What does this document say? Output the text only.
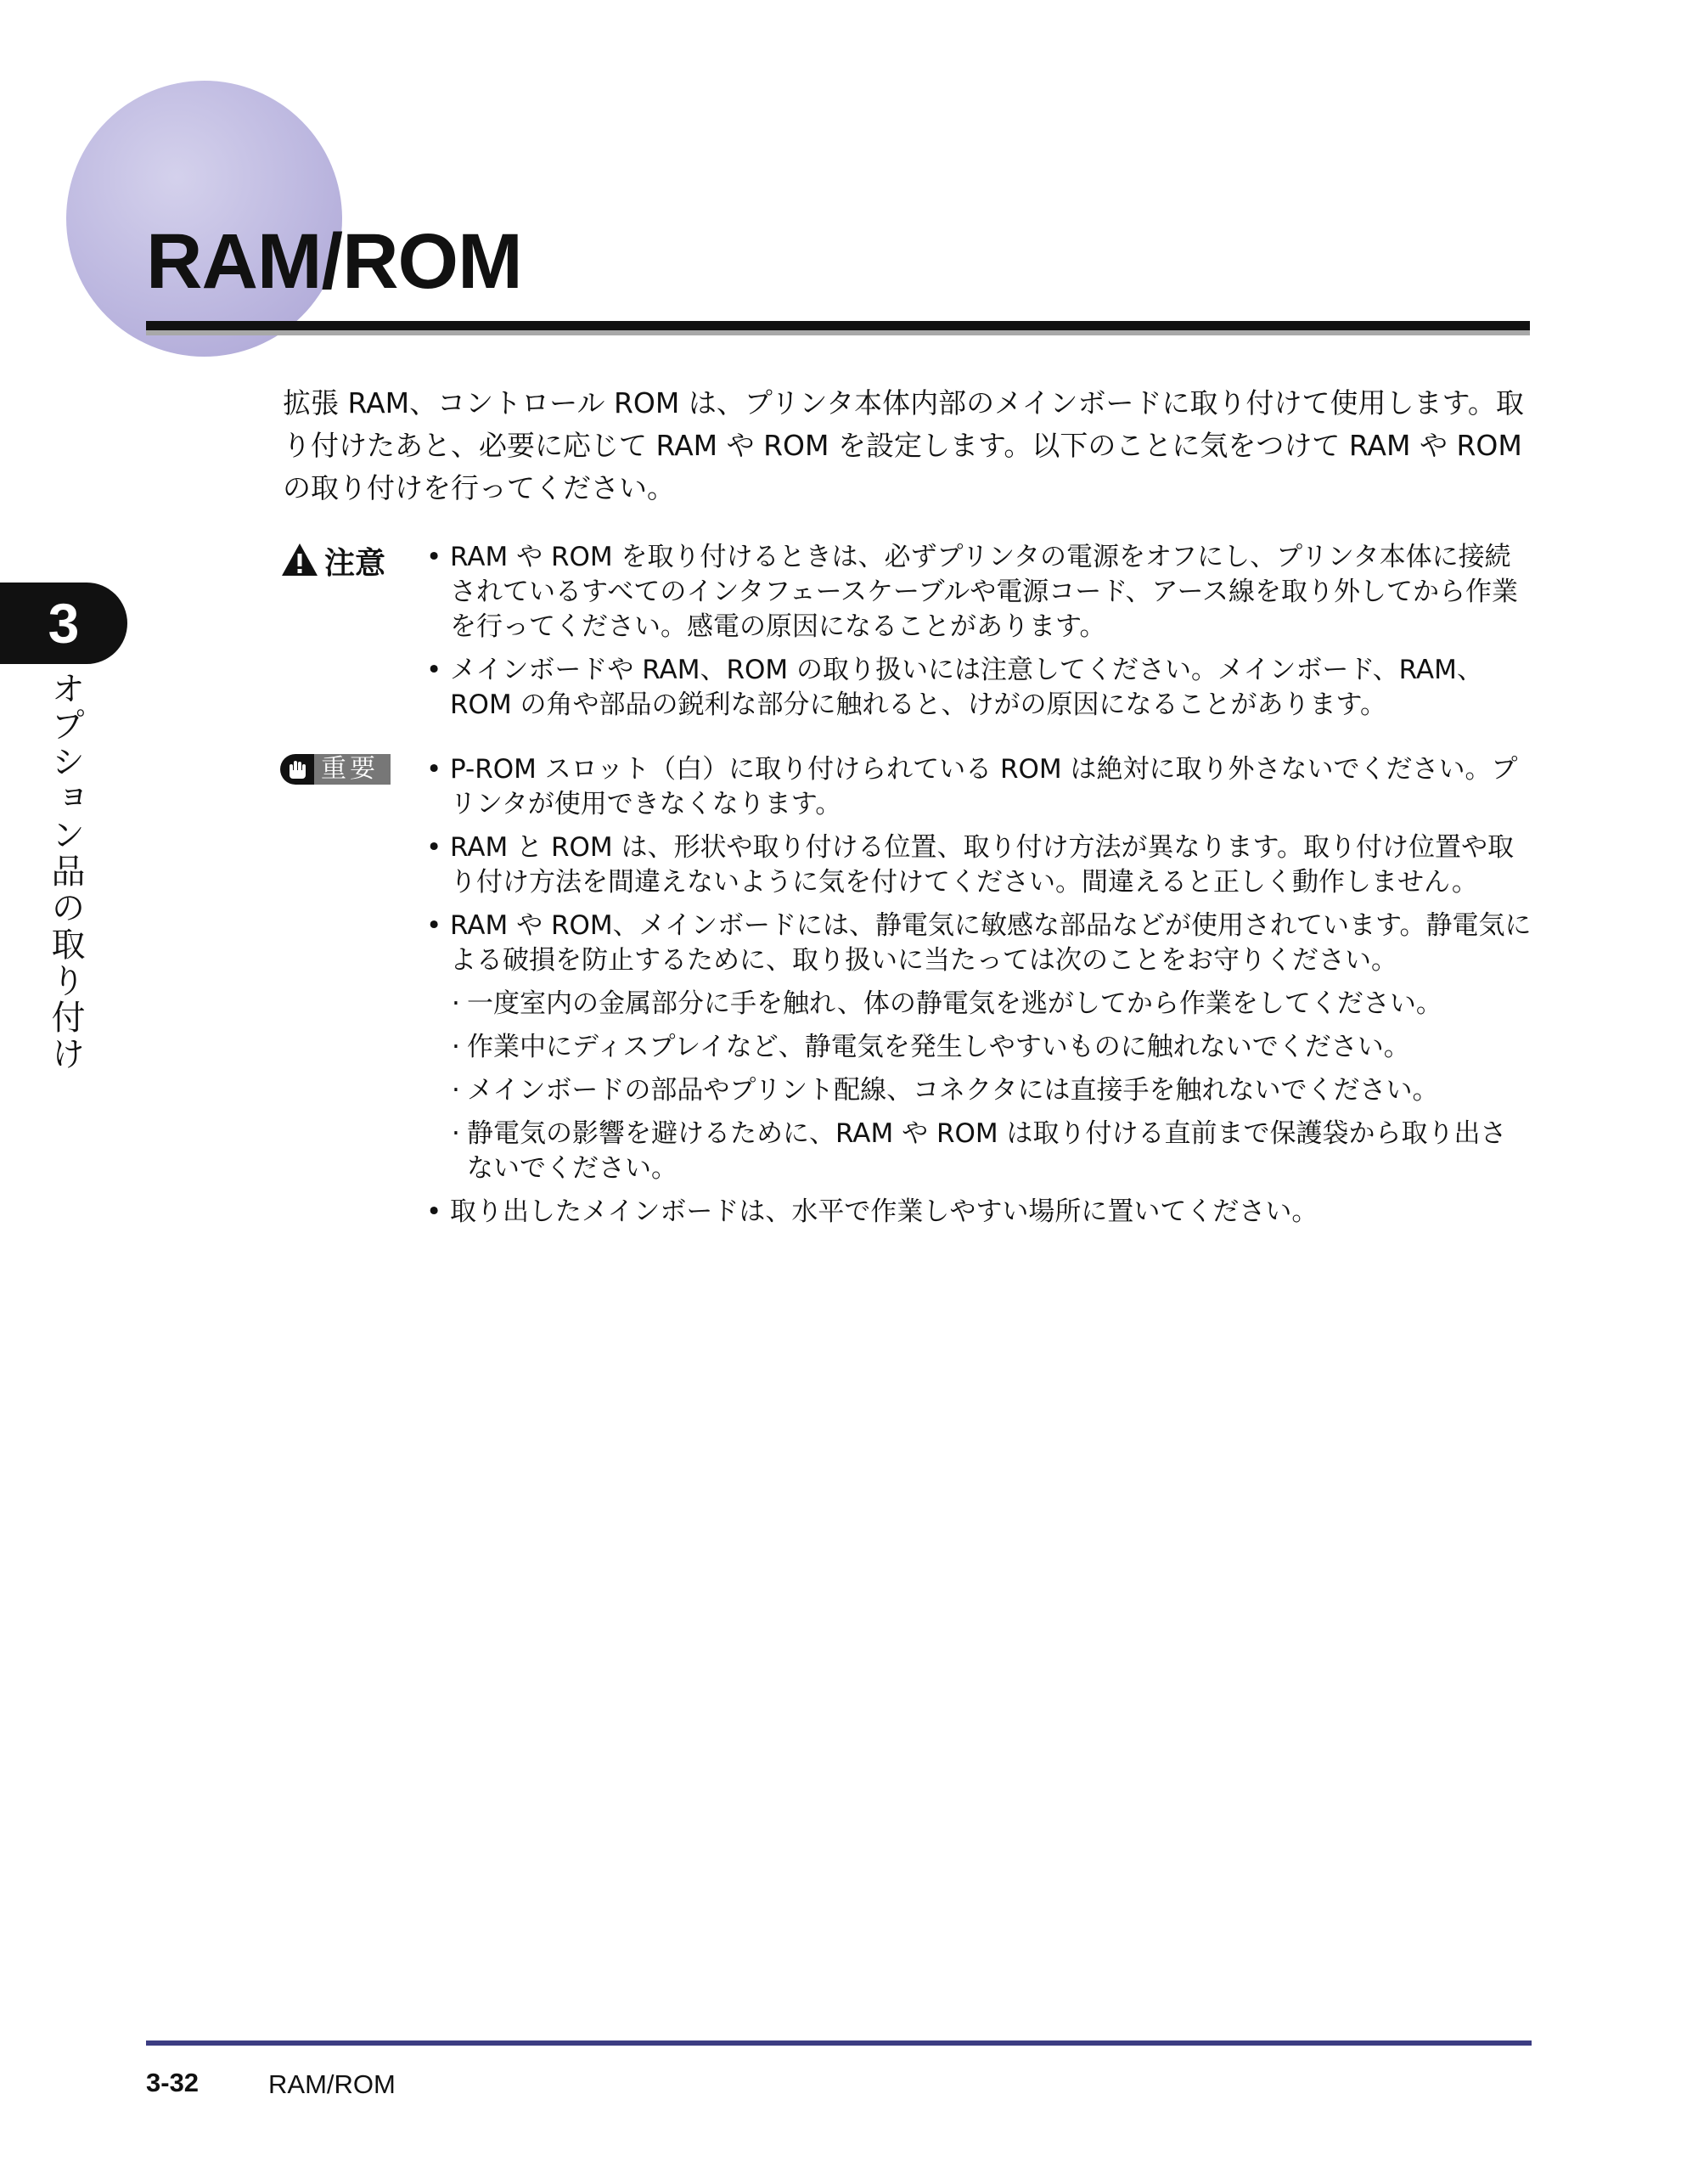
RAM/ROM
3
オプション品の取り付け

拡張 RAM、コントロール ROM は、プリンタ本体内部のメインボードに取り付けて使用します。取り付けたあと、必要に応じて RAM や ROM を設定します。以下のことに気をつけて RAM や ROM の取り付けを行ってください。

注意	• RAM や ROM を取り付けるときは、必ずプリンタの電源をオフにし、プリンタ本体に接続されているすべてのインタフェースケーブルや電源コード、アース線を取り外してから作業を行ってください。感電の原因になることがあります。
• メインボードや RAM、ROM の取り扱いには注意してください。メインボード、RAM、ROM の角や部品の鋭利な部分に触れると、けがの原因になることがあります。
重要	• P-ROM スロット（白）に取り付けられている ROM は絶対に取り外さないでください。プリンタが使用できなくなります。
• RAM と ROM は、形状や取り付ける位置、取り付け方法が異なります。取り付け位置や取り付け方法を間違えないように気を付けてください。間違えると正しく動作しません。
• RAM や ROM、メインボードには、静電気に敏感な部品などが使用されています。静電気による破損を防止するために、取り扱いに当たっては次のことをお守りください。
· 一度室内の金属部分に手を触れ、体の静電気を逃がしてから作業をしてください。
· 作業中にディスプレイなど、静電気を発生しやすいものに触れないでください。
· メインボードの部品やプリント配線、コネクタには直接手を触れないでください。
· 静電気の影響を避けるために、RAM や ROM は取り付ける直前まで保護袋から取り出さないでください。
• 取り出したメインボードは、水平で作業しやすい場所に置いてください。
3-32	RAM/ROM
